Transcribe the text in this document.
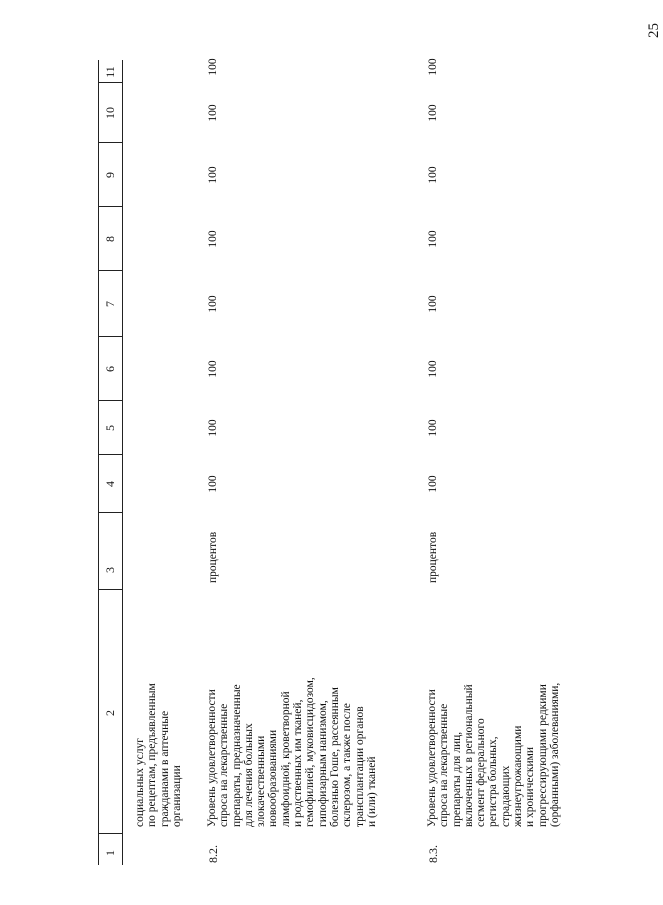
25
1
2
3
4
5
6
7
8
9
10
11
социальных услуг по рецептам, предъявленным гражданами в аптечные организации
8.2.
Уровень удовлетворенности спроса на лекарственные препараты, предназначенные для лечения больных злокачественными новообразованиями лимфоидной, кроветворной и родственных им тканей, гемофилией, муковисцидозом, гипофизарным нанизмом, болезнью Гоше, рассеянным склерозом, а также после трансплантации органов и (или) тканей
процентов
100
100
100
100
100
100
100
100
8.3.
Уровень удовлетворенности спроса на лекарственные препараты для лиц, включенных в региональный сегмент федерального регистра больных, страдающих жизнеугрожающими и хроническими прогрессирующими редкими (орфанными) заболеваниями,
процентов
100
100
100
100
100
100
100
100
